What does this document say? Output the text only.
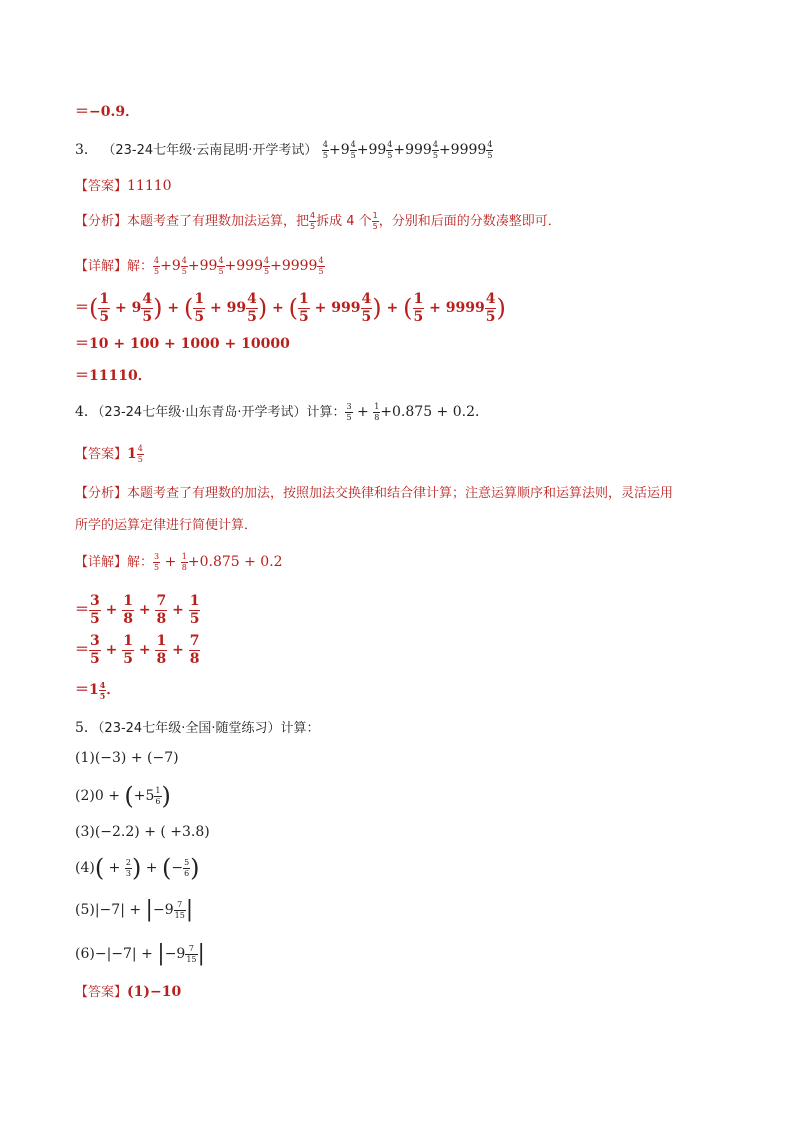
＝−0.9．
3． （23-24七年级·云南昆明·开学考试） $\frac{4}{5} +9 \frac{4}{5} +99 \frac{4}{5} +999 \frac{4}{5} +9999 \frac{4}{5}$
【答案】11110
【分析】本题考查了有理数加法运算，把 $\frac{4}{5}$ 拆成 4 个 $\frac{1}{5}$ ，分别和后面的分数凑整即可．
【详解】解： $\frac{4}{5} +9 \frac{4}{5} +99 \frac{4}{5} +999 \frac{4}{5} +9999 \frac{4}{5}$
＝( $\frac{1}{5} + 9 \frac{4}{5}$ ) + ( $\frac{1}{5} + 99 \frac{4}{5}$ ) + ( $\frac{1}{5} + 999 \frac{4}{5}$ ) + ( $\frac{1}{5} + 9999 \frac{4}{5}$ )
＝10 + 100 + 1000 + 10000
＝11110．
4．（23-24七年级·山东青岛·开学考试）计算： $\frac{3}{5} + \frac{1}{8} +0.875 + 0.2$．
【答案】$1 \frac{4}{5}$
【分析】本题考查了有理数的加法，按照加法交换律和结合律计算；注意运算顺序和运算法则，灵活运用
所学的运算定律进行简便计算．
【详解】解： $\frac{3}{5} + \frac{1}{8} +0.875 + 0.2$
＝ $\frac{3}{5} + \frac{1}{8} + \frac{7}{8} + \frac{1}{5}$
＝ $\frac{3}{5} + \frac{1}{5} + \frac{1}{8} + \frac{7}{8}$
$=1 \frac{4}{5}$ ．
5．（23-24七年级·全国·随堂练习）计算：
(1)(−3) + (−7)
$(2)0 + (+5 \frac{1}{6}$ )
(3)(−2.2) + ( +3.8)
$(4)( + \frac{2}{3}$ ) + (− $\frac{5}{6}$ )
$(5)|-7| + |-9 \frac{7}{15}$ |
$(6)-|-7| + |-9 \frac{7}{15}$ |
【答案】(1)−10
